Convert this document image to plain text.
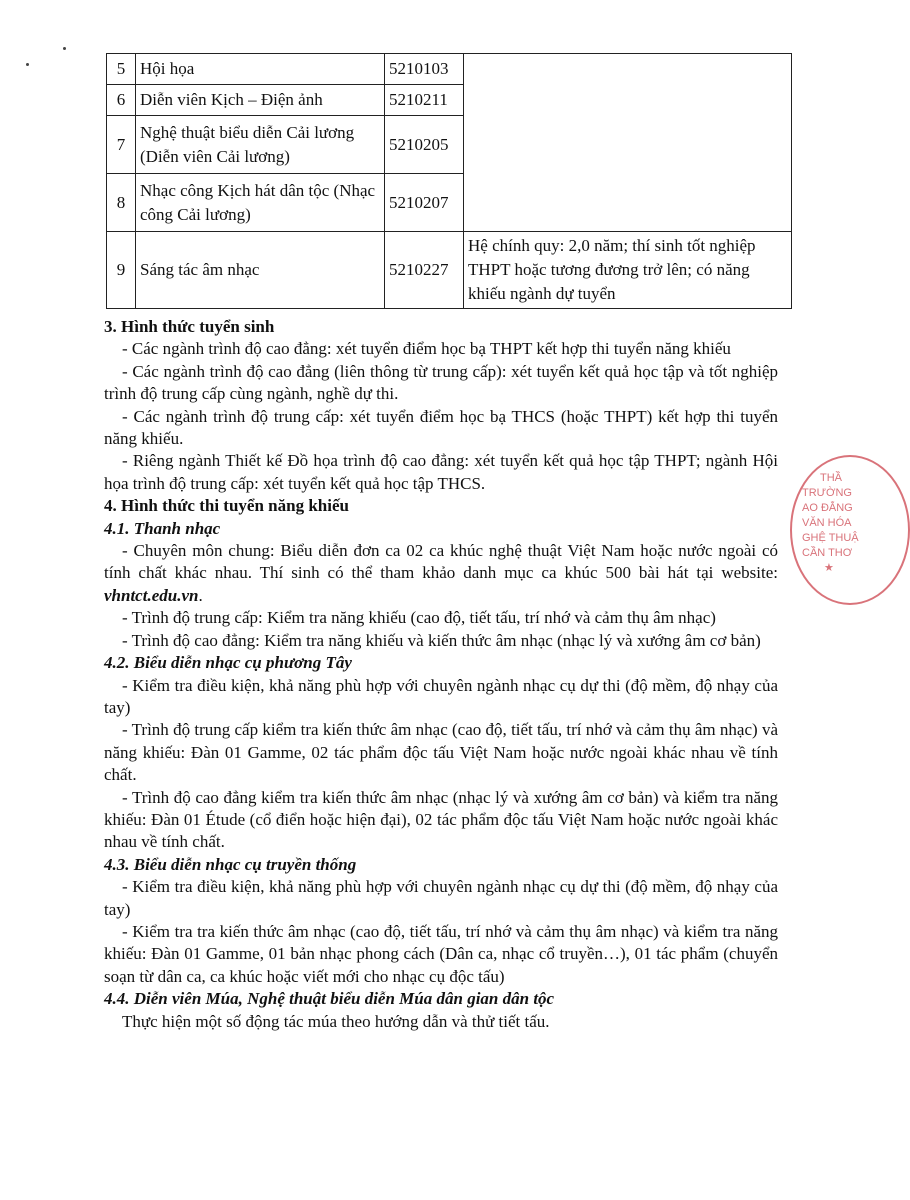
5	Hội họa	5210103	
6	Diễn viên Kịch – Điện ảnh	5210211	
7	Nghệ thuật biểu diễn Cải lương (Diễn viên Cải lương)	5210205	
8	Nhạc công Kịch hát dân tộc (Nhạc công Cải lương)	5210207	
9	Sáng tác âm nhạc	5210227	Hệ chính quy: 2,0 năm; thí sinh tốt nghiệp THPT hoặc tương đương trở lên; có năng khiếu ngành dự tuyển

3. Hình thức tuyển sinh

- Các ngành trình độ cao đẳng: xét tuyển điểm học bạ THPT kết hợp thi tuyển năng khiếu

- Các ngành trình độ cao đẳng (liên thông từ trung cấp): xét tuyển kết quả học tập và tốt nghiệp trình độ trung cấp cùng ngành, nghề dự thi.

- Các ngành trình độ trung cấp: xét tuyển điểm học bạ THCS (hoặc THPT) kết hợp thi tuyển năng khiếu.

- Riêng ngành Thiết kế Đồ họa trình độ cao đẳng: xét tuyển kết quả học tập THPT; ngành Hội họa trình độ trung cấp: xét tuyển kết quả học tập THCS.

4. Hình thức thi tuyển năng khiếu

4.1. Thanh nhạc

- Chuyên môn chung: Biểu diễn đơn ca 02 ca khúc nghệ thuật Việt Nam hoặc nước ngoài có tính chất khác nhau. Thí sinh có thể tham khảo danh mục ca khúc 500 bài hát tại website: vhntct.edu.vn.

- Trình độ trung cấp: Kiểm tra năng khiếu (cao độ, tiết tấu, trí nhớ và cảm thụ âm nhạc)

- Trình độ cao đẳng: Kiểm tra năng khiếu và kiến thức âm nhạc (nhạc lý và xướng âm cơ bản)

4.2. Biểu diễn nhạc cụ phương Tây

- Kiểm tra điều kiện, khả năng phù hợp với chuyên ngành nhạc cụ dự thi (độ mềm, độ nhạy của tay)

- Trình độ trung cấp kiểm tra kiến thức âm nhạc (cao độ, tiết tấu, trí nhớ và cảm thụ âm nhạc) và năng khiếu: Đàn 01 Gamme, 02 tác phẩm độc tấu Việt Nam hoặc nước ngoài khác nhau về tính chất.

- Trình độ cao đẳng kiểm tra kiến thức âm nhạc (nhạc lý và xướng âm cơ bản) và kiểm tra năng khiếu: Đàn 01 Étude (cổ điển hoặc hiện đại), 02 tác phẩm độc tấu Việt Nam hoặc nước ngoài khác nhau về tính chất.

4.3. Biểu diễn nhạc cụ truyền thống

- Kiểm tra điều kiện, khả năng phù hợp với chuyên ngành nhạc cụ dự thi (độ mềm, độ nhạy của tay)

- Kiểm tra tra kiến thức âm nhạc (cao độ, tiết tấu, trí nhớ và cảm thụ âm nhạc) và kiểm tra năng khiếu: Đàn 01 Gamme, 01 bản nhạc phong cách (Dân ca, nhạc cổ truyền…), 01 tác phẩm (chuyển soạn từ dân ca, ca khúc hoặc viết mới cho nhạc cụ độc tấu)

4.4. Diễn viên Múa, Nghệ thuật biểu diễn Múa dân gian dân tộc

Thực hiện một số động tác múa theo hướng dẫn và thử tiết tấu.

THẦ
TRƯỜNG
AO ĐẲNG
VĂN HÓA
GHỆ THUẬ
CẦN THƠ
★
